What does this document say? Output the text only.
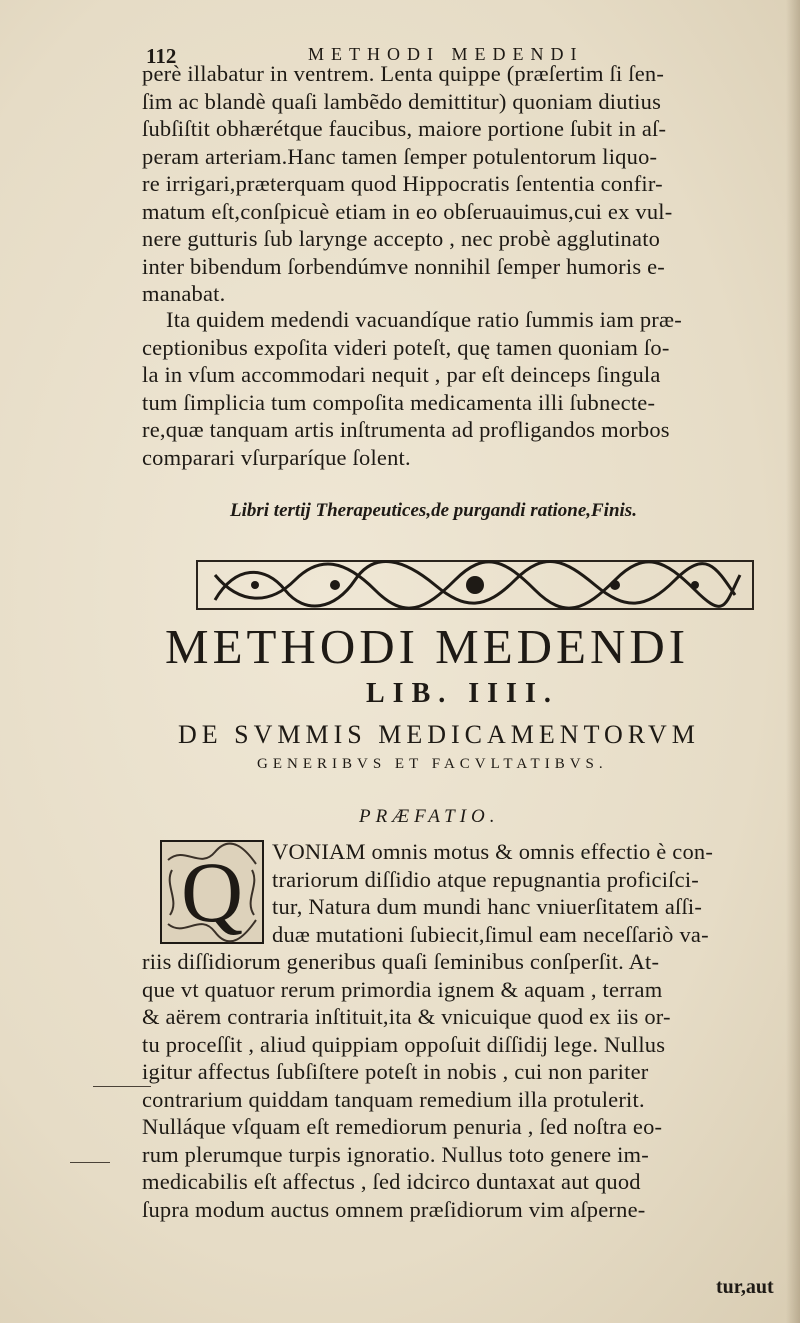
112	METHODI MEDENDI
perè illabatur in ventrem. Lenta quippe (præſertim ſi ſen-
ſim ac blandè quaſi lambẽdo demittitur) quoniam diutius
ſubſiſtit obhærétque faucibus, maiore portione ſubit in aſ-
peram arteriam.Hanc tamen ſemper potulentorum liquo-
re irrigari,præterquam quod Hippocratis ſententia confir-
matum eſt,conſpicuè etiam in eo obſeruauimus,cui ex vul-
nere gutturis ſub larynge accepto , nec probè agglutinato
inter bibendum ſorbendúmve nonnihil ſemper humoris e-
manabat.
Ita quidem medendi vacuandíque ratio ſummis iam præ-
ceptionibus expoſita videri poteſt, quę tamen quoniam ſo-
la in vſum accommodari nequit , par eſt deinceps ſingula
tum ſimplicia tum compoſita medicamenta illi ſubnecte-
re,quæ tanquam artis inſtrumenta ad profligandos morbos
comparari vſurparíque ſolent.
Libri tertij Therapeutices,de purgandi ratione,Finis.
METHODI MEDENDI
LIB. IIII.
DE SVMMIS MEDICAMENTORVM
GENERIBVS ET FACVLTATIBVS.
PRÆFATIO.
Q	VONIAM omnis motus & omnis effectio è con-
trariorum diſſidio atque repugnantia proficiſci-
tur, Natura dum mundi hanc vniuerſitatem aſſi-
duæ mutationi ſubiecit,ſimul eam neceſſariò va-
riis diſſidiorum generibus quaſi ſeminibus conſperſit. At-
que vt quatuor rerum primordia ignem & aquam , terram
& aërem contraria inſtituit,ita & vnicuique quod ex iis or-
tu proceſſit , aliud quippiam oppoſuit diſſidij lege. Nullus
igitur affectus ſubſiſtere poteſt in nobis , cui non pariter
contrarium quiddam tanquam remedium illa protulerit.
Nulláque vſquam eſt remediorum penuria , ſed noſtra eo-
rum plerumque turpis ignoratio. Nullus toto genere im-
medicabilis eſt affectus , ſed idcirco duntaxat aut quod
ſupra modum auctus omnem præſidiorum vim aſperne-
tur,aut
